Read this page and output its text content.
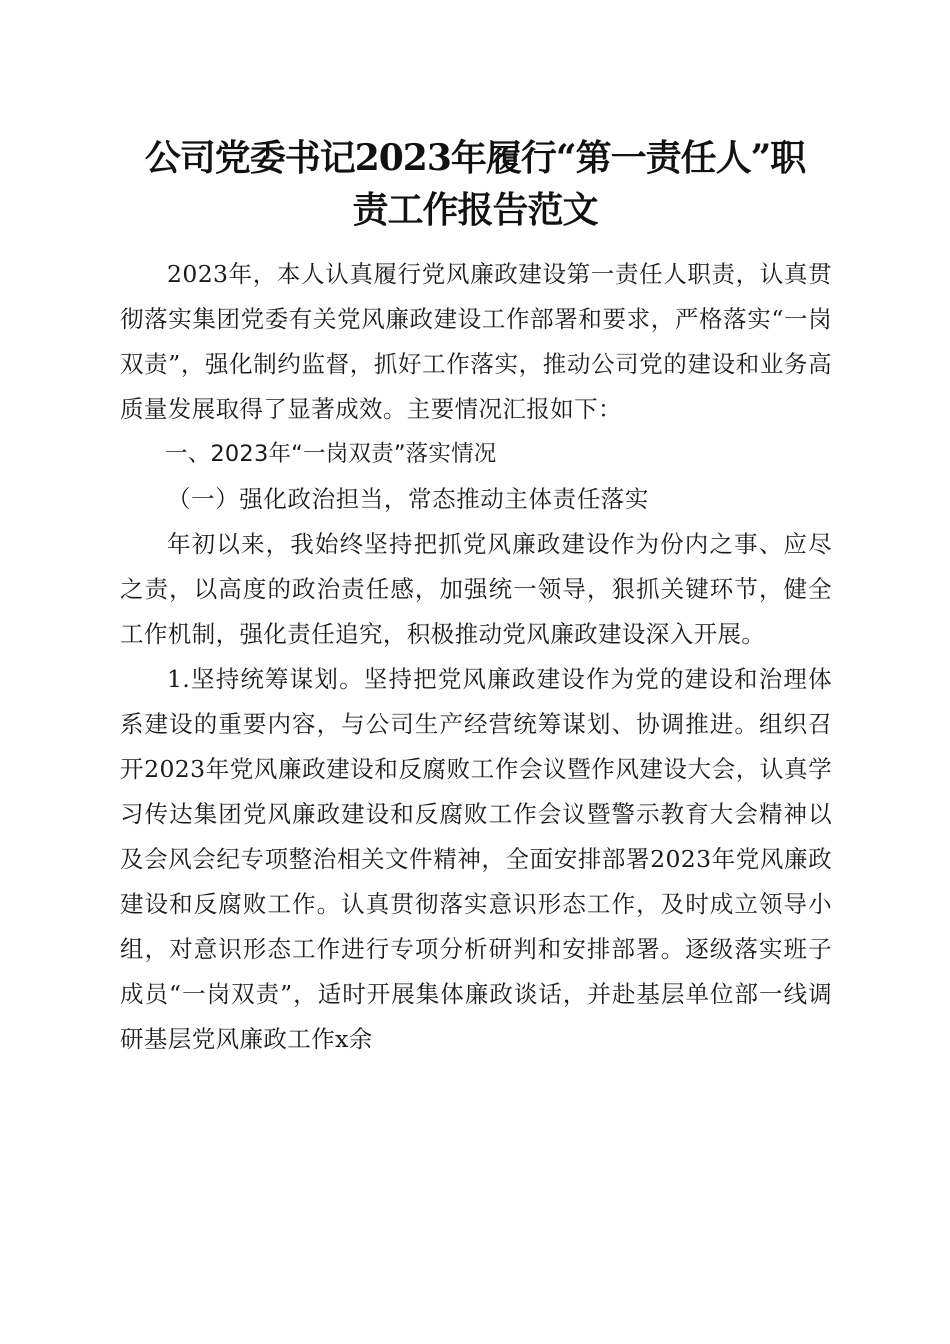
公司党委书记2023年履行“第一责任人”职
责工作报告范文

2023年，本人认真履行党风廉政建设第一责任人职责，认真贯彻落实集团党委有关党风廉政建设工作部署和要求，严格落实“一岗双责”，强化制约监督，抓好工作落实，推动公司党的建设和业务高质量发展取得了显著成效。主要情况汇报如下：

一、2023年“一岗双责”落实情况

（一）强化政治担当，常态推动主体责任落实

年初以来，我始终坚持把抓党风廉政建设作为份内之事、应尽之责，以高度的政治责任感，加强统一领导，狠抓关键环节，健全工作机制，强化责任追究，积极推动党风廉政建设深入开展。

1.坚持统筹谋划。坚持把党风廉政建设作为党的建设和治理体系建设的重要内容，与公司生产经营统筹谋划、协调推进。组织召开2023年党风廉政建设和反腐败工作会议暨作风建设大会，认真学习传达集团党风廉政建设和反腐败工作会议暨警示教育大会精神以及会风会纪专项整治相关文件精神，全面安排部署2023年党风廉政建设和反腐败工作。认真贯彻落实意识形态工作，及时成立领导小组，对意识形态工作进行专项分析研判和安排部署。逐级落实班子成员“一岗双责”，适时开展集体廉政谈话，并赴基层单位部一线调研基层党风廉政工作x余
